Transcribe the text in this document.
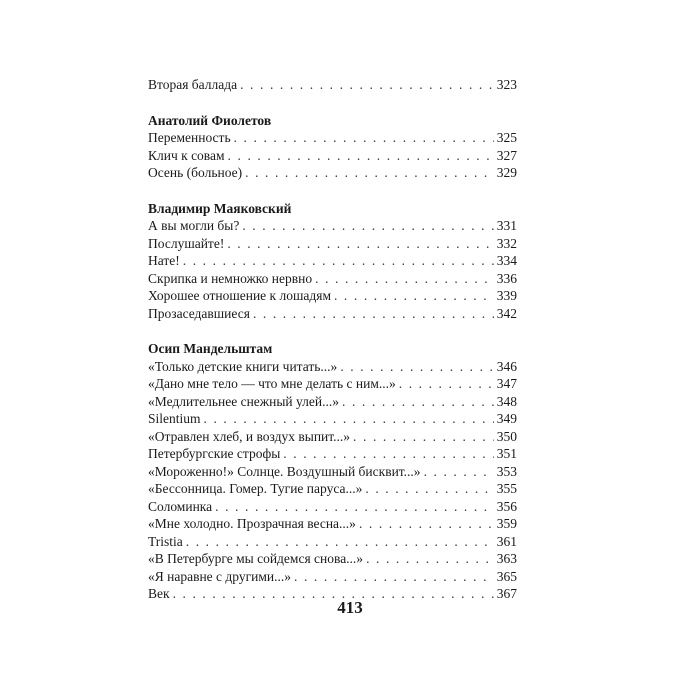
Вторая баллада . . .	323
Анатолий Фиолетов
Переменность . . .	325
Клич к совам . . .	327
Осень (больное) . . .	329
Владимир Маяковский
А вы могли бы? . . .	331
Послушайте! . . .	332
Нате! . . .	334
Скрипка и немножко нервно . . .	336
Хорошее отношение к лошадям . . .	339
Прозаседавшиеся . . .	342
Осип Мандельштам
«Только детские книги читать...» . . .	346
«Дано мне тело — что мне делать с ним...» . . .	347
«Медлительнее снежный улей...» . . .	348
Silentium . . .	349
«Отравлен хлеб, и воздух выпит...» . . .	350
Петербургские строфы . . .	351
«Мороженно!» Солнце. Воздушный бисквит...» . . .	353
«Бессонница. Гомер. Тугие паруса...» . . .	355
Соломинка . . .	356
«Мне холодно. Прозрачная весна...» . . .	359
Tristia . . .	361
«В Петербурге мы сойдемся снова...» . . .	363
«Я наравне с другими...» . . .	365
Век . . .	367
413
